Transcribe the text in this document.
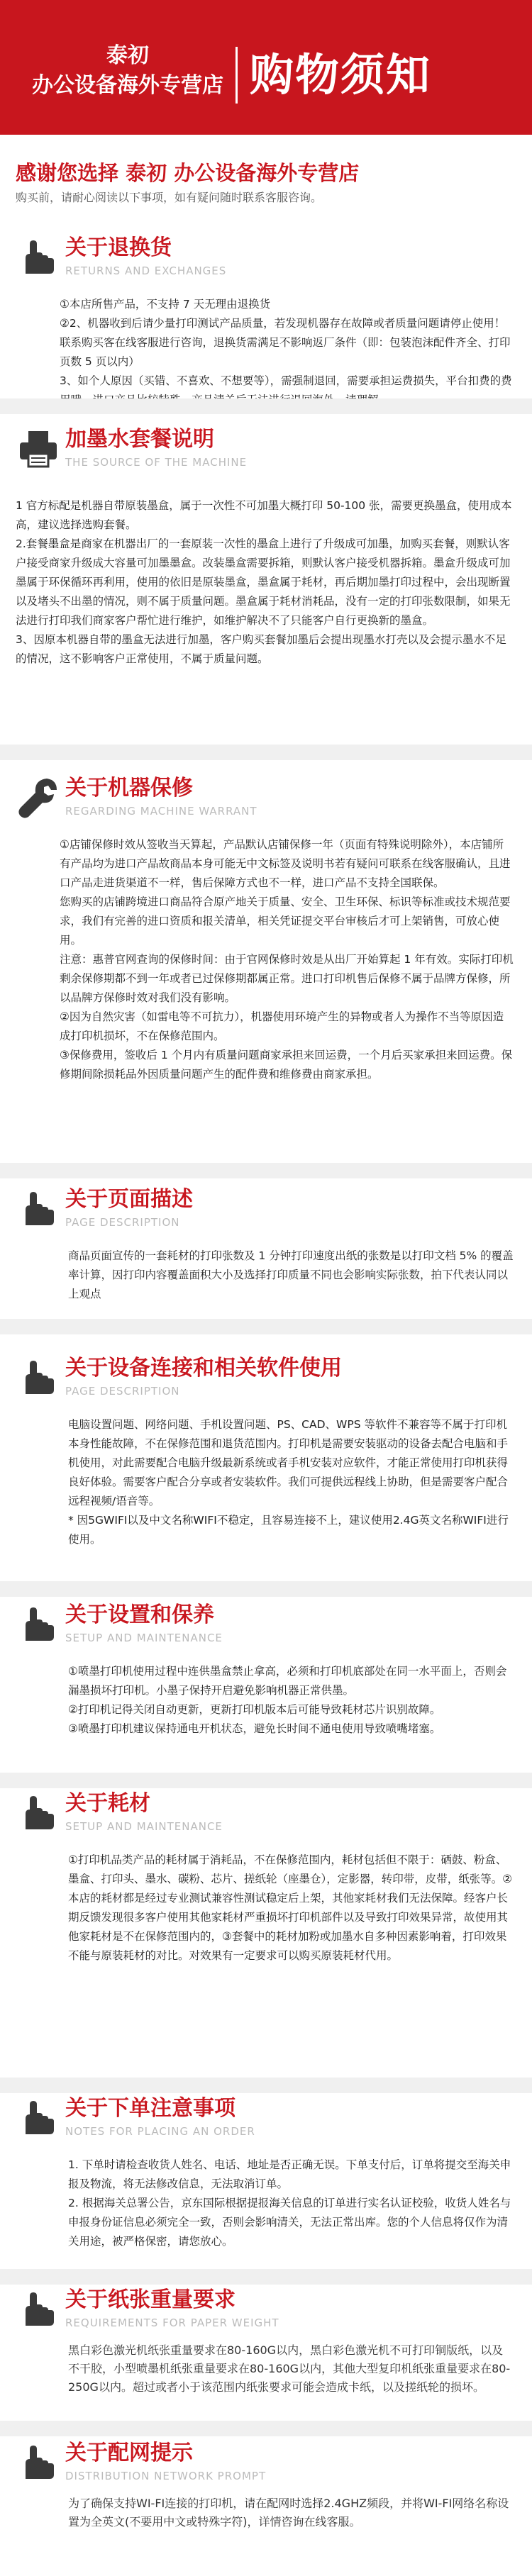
泰初
办公设备海外专营店 购物须知
感谢您选择 泰初 办公设备海外专营店
购买前，请耐心阅读以下事项，如有疑问随时联系客服咨询。
关于退换货
RETURNS AND EXCHANGES

①本店所售产品，不支持 7 天无理由退换货

②2、机器收到后请少量打印测试产品质量，若发现机器存在故障或者质量问题请停止使用！联系购买客在线客服进行咨询，退换货需满足不影响返厂条件（即：包装泡沫配件齐全、打印页数 5 页以内）

3、如个人原因（买错、不喜欢、不想要等），需强制退回，需要承担运费损失，平台扣费的费

加墨水套餐说明
THE SOURCE OF THE MACHINE

1 官方标配是机器自带原装墨盒，属于一次性不可加墨大概打印 50-100 张，需要更换墨盒，使用成本高，建议选择选购套餐。

2.套餐墨盒是商家在机器出厂的一套原装一次性的墨盒上进行了升级成可加墨，加购买套餐，则默认客户接受商家升级成大容量可加墨墨盒。改装墨盒需要拆箱，则默认客户接受机器拆箱。墨盒升级成可加墨属于环保循环再利用，使用的依旧是原装墨盒，墨盒属于耗材，再后期加墨打印过程中，会出现断置以及堵头不出墨的情况，则不属于质量问题。墨盒属于耗材消耗品，没有一定的打印张数限制，如果无法进行打印我们商家客户帮忙进行维护，如维护解决不了只能客户自行更换新的墨盒。

3、因原本机器自带的墨盒无法进行加墨，客户购买套餐加墨后会提出现墨水打壳以及会提示墨水不足的情况，这不影响客户正常使用，不属于质量问题。

关于机器保修
REGARDING MACHINE WARRANT

①店铺保修时效从签收当天算起，产品默认店铺保修一年（页面有特殊说明除外），本店铺所有产品均为进口产品故商品本身可能无中文标签及说明书若有疑问可联系在线客服确认，且进口产品走进货渠道不一样，售后保障方式也不一样，进口产品不支持全国联保。

您购买的店铺跨境进口商品符合原产地关于质量、安全、卫生环保、标识等标准或技术规范要求，我们有完善的进口资质和报关清单，相关凭证提交平台审核后才可上架销售，可放心使用。

注意：惠普官网查询的保修时间：由于官网保修时效是从出厂开始算起 1 年有效。实际打印机剩余保修期都不到一年或者已过保修期都属正常。进口打印机售后保修不属于品牌方保修，所以品牌方保修时效对我们没有影响。

②因为自然灾害（如雷电等不可抗力），机器使用环境产生的异物或者人为操作不当等原因造成打印机损坏，不在保修范围内。

③保修费用，签收后 1 个月内有质量问题商家承担来回运费，一个月后买家承担来回运费。保修期间除损耗品外因质量问题产生的配件费和维修费由商家承担。

关于页面描述
PAGE DESCRIPTION

商品页面宣传的一套耗材的打印张数及 1 分钟打印速度出纸的张数是以打印文档 5% 的覆盖率计算，因打印内容覆盖面积大小及选择打印质量不同也会影响实际张数，拍下代表认同以上观点

关于设备连接和相关软件使用
PAGE DESCRIPTION

电脑设置问题、网络问题、手机设置问题、PS、CAD、WPS 等软件不兼容等不属于打印机本身性能故障，不在保修范围和退货范围内。打印机是需要安装驱动的设备去配合电脑和手机使用，对此需要配合电脑升级最新系统或者手机安装对应软件，才能正常使用打印机获得良好体验。需要客户配合分享或者安装软件。我们可提供远程线上协助，但是需要客户配合远程视频/语音等。

* 因5GWIFI以及中文名称WIFI不稳定，且容易连接不上，建议使用2.4G英文名称WIFI进行使用。

关于设置和保养
SETUP AND MAINTENANCE

①喷墨打印机使用过程中连供墨盒禁止拿高，必须和打印机底部处在同一水平面上，否则会漏墨损坏打印机。小墨子保持开启避免影响机器正常供墨。

②打印机记得关闭自动更新，更新打印机版本后可能导致耗材芯片识别故障。

③喷墨打印机建议保持通电开机状态，避免长时间不通电使用导致喷嘴堵塞。

关于耗材
SETUP AND MAINTENANCE

①打印机品类产品的耗材属于消耗品，不在保修范围内，耗材包括但不限于：硒鼓、粉盒、墨盒、打印头、墨水、碳粉、芯片、搓纸轮（座墨仓），定影器，转印带，皮带，纸张等。②本店的耗材都是经过专业测试兼容性测试稳定后上架，其他家耗材我们无法保障。经客户长期反馈发现很多客户使用其他家耗材严重损坏打印机部件以及导致打印效果异常，故使用其他家耗材是不在保修范围内的，③套餐中的耗材加粉或加墨水自多种因素影响着，打印效果不能与原装耗材的对比。对效果有一定要求可以购买原装耗材代用。

关于下单注意事项
NOTES FOR PLACING AN ORDER

1. 下单时请检查收货人姓名、电话、地址是否正确无误。下单支付后，订单将提交至海关申报及物流，将无法修改信息，无法取消订单。

2. 根据海关总署公告，京东国际根据提报海关信息的订单进行实名认证校验，收货人姓名与申报身份证信息必须完全一致，否则会影响清关，无法正常出库。您的个人信息将仅作为清关用途，被严格保密，请您放心。

关于纸张重量要求
REQUIREMENTS FOR PAPER WEIGHT

黑白彩色激光机纸张重量要求在80-160G以内，黑白彩色激光机不可打印铜版纸，以及不干胶，小型喷墨机纸张重量要求在80-160G以内，其他大型复印机纸张重量要求在80-250G以内。超过或者小于该范围内纸张要求可能会造成卡纸，以及搓纸轮的损坏。

关于配网提示
DISTRIBUTION NETWORK PROMPT

为了确保支持WI-FI连接的打印机，请在配网时选择2.4GHZ频段，并将WI-FI网络名称设置为全英文(不要用中文或特殊字符)，详情咨询在线客服。
